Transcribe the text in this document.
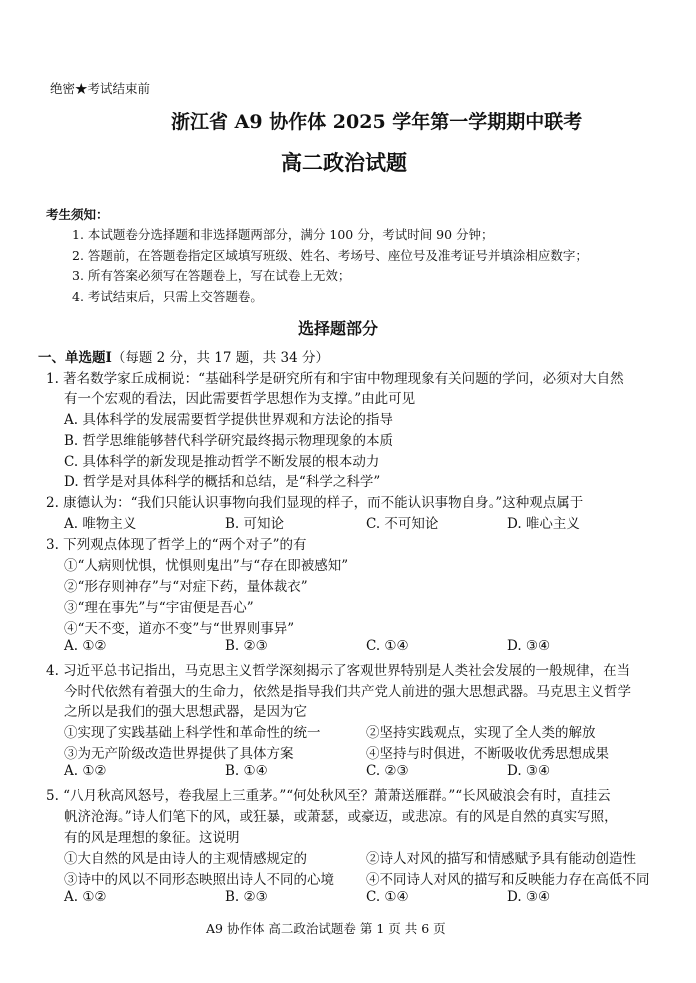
绝密★考试结束前
浙江省 A9 协作体 2025 学年第一学期期中联考
高二政治试题
考生须知：
1. 本试题卷分选择题和非选择题两部分，满分 100 分，考试时间 90 分钟；
2. 答题前，在答题卷指定区域填写班级、姓名、考场号、座位号及准考证号并填涂相应数字；
3. 所有答案必须写在答题卷上，写在试卷上无效；
4. 考试结束后，只需上交答题卷。
选择题部分
一、单选题Ⅰ（每题 2 分，共 17 题，共 34 分）
1. 著名数学家丘成桐说：“基础科学是研究所有和宇宙中物理现象有关问题的学问，必须对大自然
有一个宏观的看法，因此需要哲学思想作为支撑。”由此可见
A. 具体科学的发展需要哲学提供世界观和方法论的指导
B. 哲学思维能够替代科学研究最终揭示物理现象的本质
C. 具体科学的新发现是推动哲学不断发展的根本动力
D. 哲学是对具体科学的概括和总结，是“科学之科学”
2. 康德认为：“我们只能认识事物向我们显现的样子，而不能认识事物自身。”这种观点属于
A. 唯物主义	B. 可知论	C. 不可知论	D. 唯心主义
3. 下列观点体现了哲学上的“两个对子”的有
①“人病则忧惧，忧惧则鬼出”与“存在即被感知”
②“形存则神存”与“对症下药，量体裁衣”
③“理在事先”与“宇宙便是吾心”
④“天不变，道亦不变”与“世界则事异”
A. ①②	B. ②③	C. ①④	D. ③④
4. 习近平总书记指出，马克思主义哲学深刻揭示了客观世界特别是人类社会发展的一般规律，在当
今时代依然有着强大的生命力，依然是指导我们共产党人前进的强大思想武器。马克思主义哲学
之所以是我们的强大思想武器，是因为它
①实现了实践基础上科学性和革命性的统一	②坚持实践观点，实现了全人类的解放
③为无产阶级改造世界提供了具体方案	④坚持与时俱进，不断吸收优秀思想成果
A. ①②	B. ①④	C. ②③	D. ③④
5. “八月秋高风怒号，卷我屋上三重茅。”“何处秋风至？萧萧送雁群。”“长风破浪会有时，直挂云
帆济沧海。”诗人们笔下的风，或狂暴，或萧瑟，或豪迈，或悲凉。有的风是自然的真实写照，
有的风是理想的象征。这说明
①大自然的风是由诗人的主观情感规定的	②诗人对风的描写和情感赋予具有能动创造性
③诗中的风以不同形态映照出诗人不同的心境 ④不同诗人对风的描写和反映能力存在高低不同
A. ①②	B. ②③	C. ①④	D. ③④
A9 协作体 高二政治试题卷 第 1 页 共 6 页
